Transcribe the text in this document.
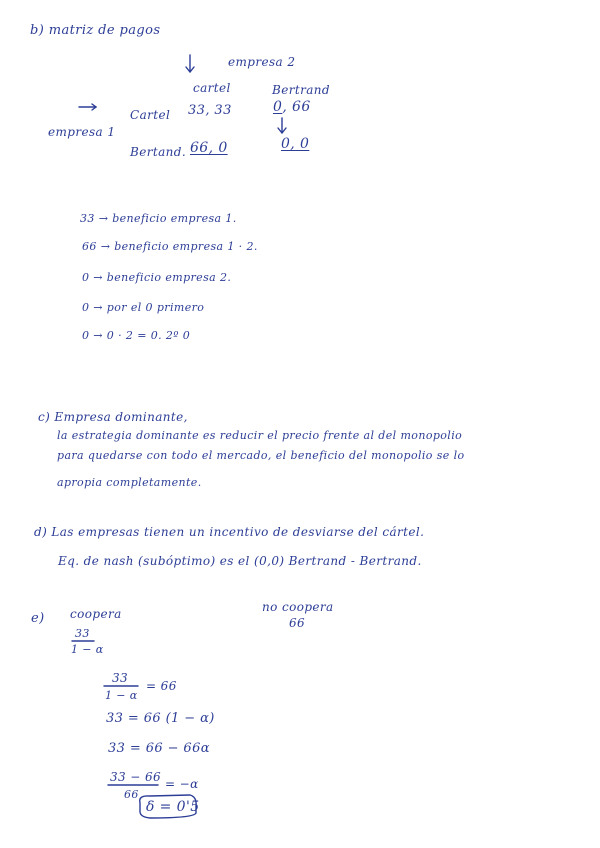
b) matriz de pagos
empresa 2
cartel	Bertrand
empresa 1
Cartel 33, 33	0, 66
Bertand. 66, 0	0, 0
33 → beneficio empresa 1.
66 → beneficio empresa 1 · 2.
0 → beneficio empresa 2.
0 → por el 0 primero
0 → 0 · 2 = 0. 2º 0
c) Empresa dominante,
la estrategia dominante es reducir el precio frente al del monopolio
para quedarse con todo el mercado, el beneficio del monopolio se lo
apropia completamente.
d) Las empresas tienen un incentivo de desviarse del cártel.
Eq. de nash (subóptimo) es el (0,0) Bertrand - Bertrand.
e) coopera
33
1 − α
no coopera
66
33
1 − α
= 66
33 = 66 (1 − α)
33 = 66 − 66α
33 − 66
66
= −α
δ = 0'5
